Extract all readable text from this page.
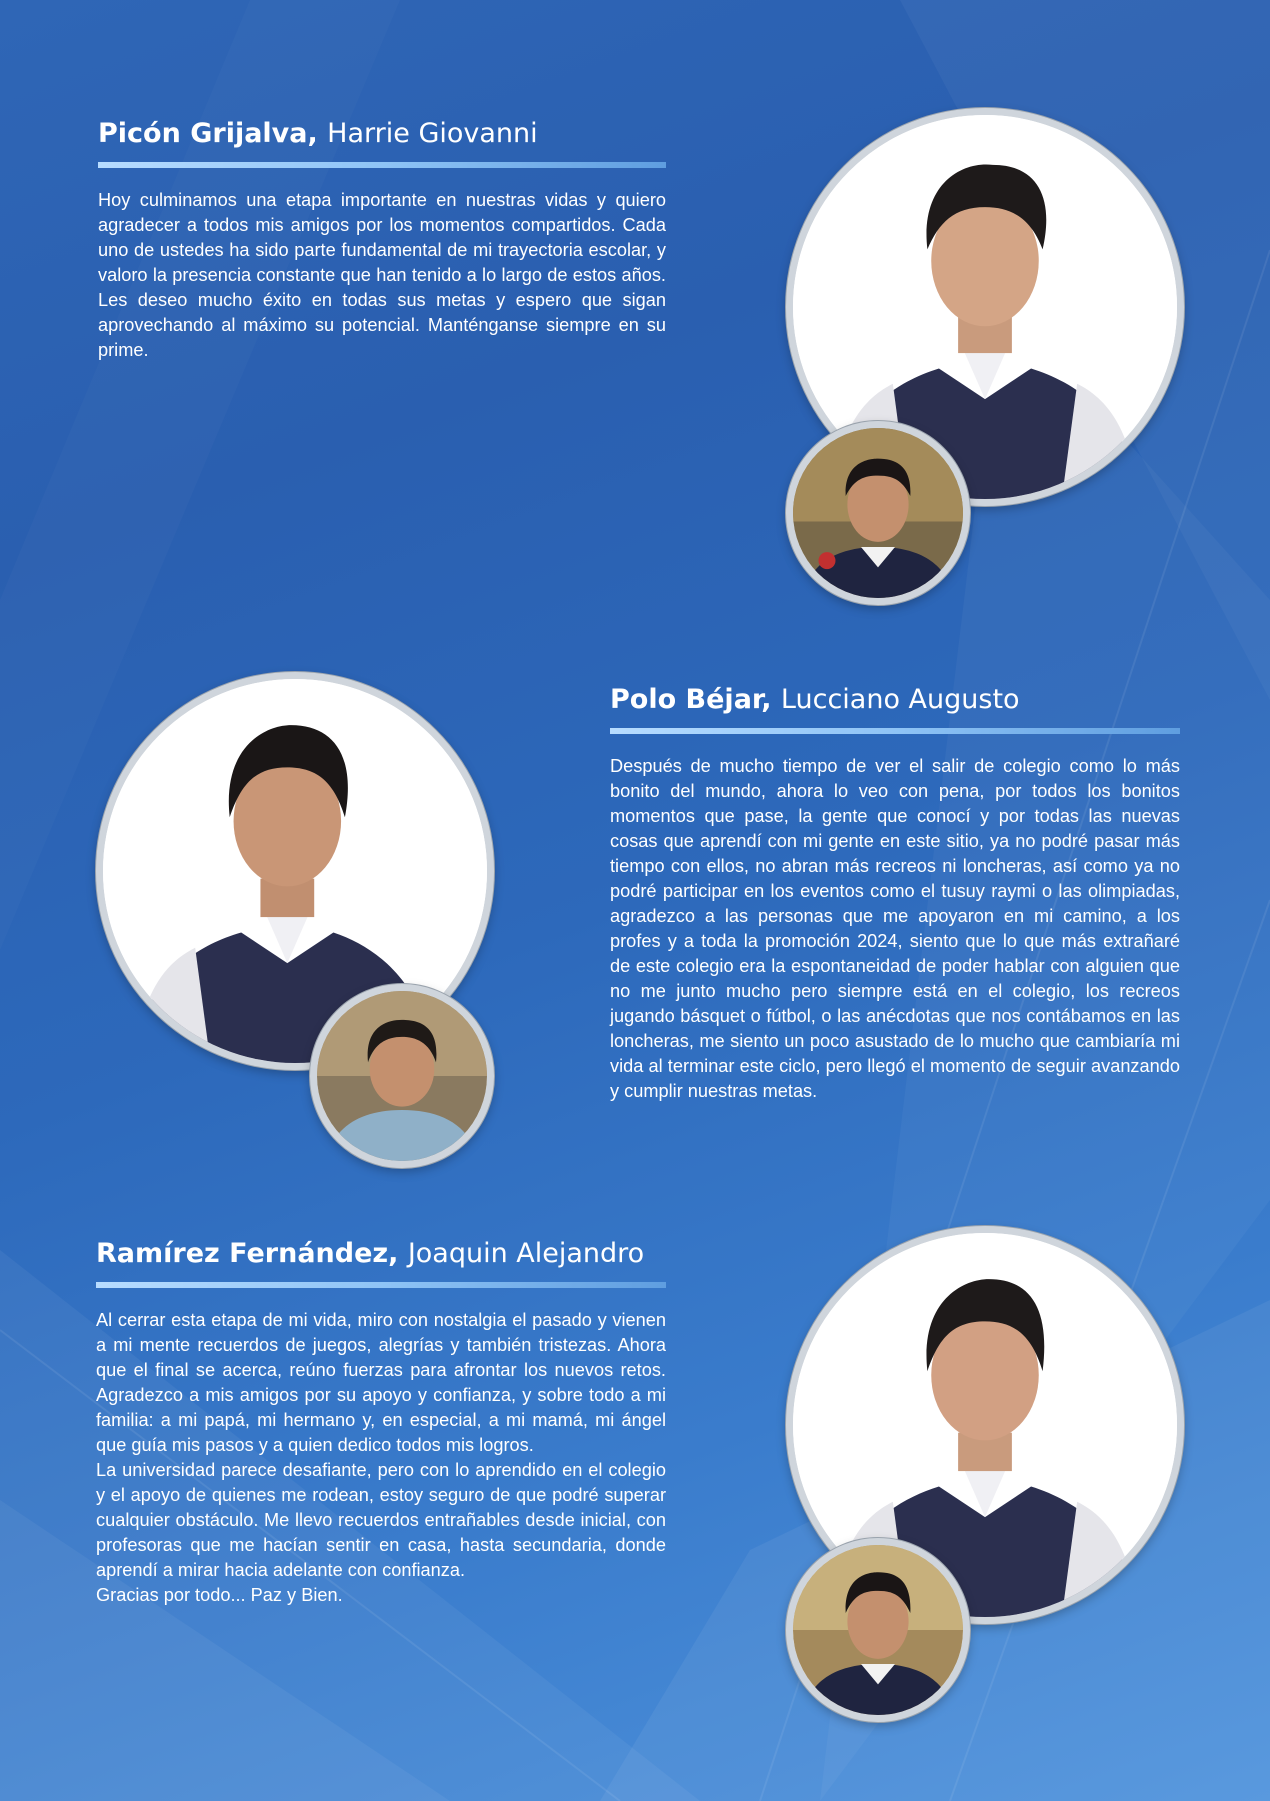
Picón Grijalva, Harrie Giovanni

Hoy culminamos una etapa importante en nuestras vidas y quiero agradecer a todos mis amigos por los momentos compartidos. Cada uno de ustedes ha sido parte fundamental de mi trayectoria escolar, y valoro la presencia constante que han tenido a lo largo de estos años. Les deseo mucho éxito en todas sus metas y espero que sigan aprovechando al máximo su potencial. Manténganse siempre en su prime.

Polo Béjar, Lucciano Augusto

Después de mucho tiempo de ver el salir de colegio como lo más bonito del mundo, ahora lo veo con pena, por todos los bonitos momentos que pase, la gente que conocí y por todas las nuevas cosas que aprendí con mi gente en este sitio, ya no podré pasar más tiempo con ellos, no abran más recreos ni loncheras, así como ya no podré participar en los eventos como el tusuy raymi o las olimpiadas, agradezco a las personas que me apoyaron en mi camino, a los profes y a toda la promoción 2024, siento que lo que más extrañaré de este colegio era la espontaneidad de poder hablar con alguien que no me junto mucho pero siempre está en el colegio, los recreos jugando básquet o fútbol, o las anécdotas que nos contábamos en las loncheras, me siento un poco asustado de lo mucho que cambiaría mi vida al terminar este ciclo, pero llegó el momento de seguir avanzando y cumplir nuestras metas.

Ramírez Fernández, Joaquin Alejandro

Al cerrar esta etapa de mi vida, miro con nostalgia el pasado y vienen a mi mente recuerdos de juegos, alegrías y también tristezas. Ahora que el final se acerca, reúno fuerzas para afrontar los nuevos retos. Agradezco a mis amigos por su apoyo y confianza, y sobre todo a mi familia: a mi papá, mi hermano y, en especial, a mi mamá, mi ángel que guía mis pasos y a quien dedico todos mis logros.

La universidad parece desafiante, pero con lo aprendido en el colegio y el apoyo de quienes me rodean, estoy seguro de que podré superar cualquier obstáculo. Me llevo recuerdos entrañables desde inicial, con profesoras que me hacían sentir en casa, hasta secundaria, donde aprendí a mirar hacia adelante con confianza.

Gracias por todo... Paz y Bien.
